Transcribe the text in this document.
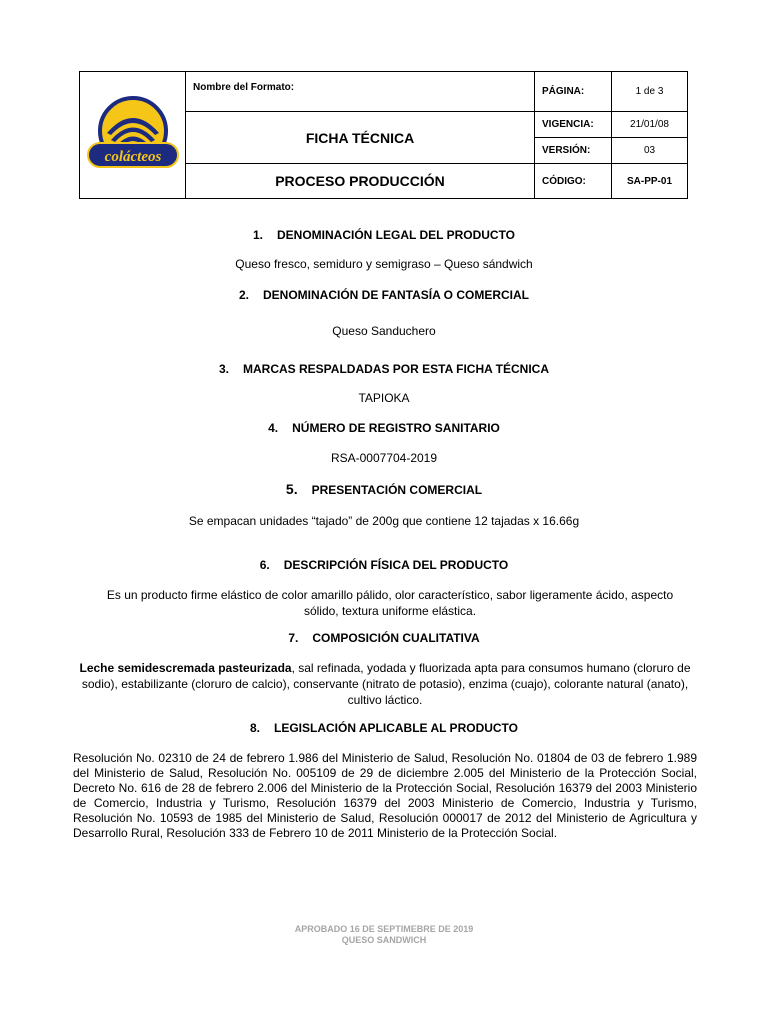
colácteos	Nombre del Formato:	PÁGINA:	1 de 3
	FICHA TÉCNICA	VIGENCIA:	21/01/08
		VERSIÓN:	03
	PROCESO PRODUCCIÓN	CÓDIGO:	SA-PP-01
1. DENOMINACIÓN LEGAL DEL PRODUCTO
Queso fresco, semiduro y semigraso – Queso sándwich
2. DENOMINACIÓN DE FANTASÍA O COMERCIAL
Queso Sanduchero
3. MARCAS RESPALDADAS POR ESTA FICHA TÉCNICA
TAPIOKA
4. NÚMERO DE REGISTRO SANITARIO
RSA-0007704-2019
5. PRESENTACIÓN COMERCIAL
Se empacan unidades “tajado” de 200g que contiene 12 tajadas x 16.66g
6. DESCRIPCIÓN FÍSICA DEL PRODUCTO
Es un producto firme elástico de color amarillo pálido, olor característico, sabor ligeramente ácido, aspecto sólido, textura uniforme elástica.
7. COMPOSICIÓN CUALITATIVA
Leche semidescremada pasteurizada, sal refinada, yodada y fluorizada apta para consumos humano (cloruro de sodio), estabilizante (cloruro de calcio), conservante (nitrato de potasio), enzima (cuajo), colorante natural (anato), cultivo láctico.
8. LEGISLACIÓN APLICABLE AL PRODUCTO
Resolución No. 02310 de 24 de febrero 1.986 del Ministerio de Salud, Resolución No. 01804 de 03 de febrero 1.989 del Ministerio de Salud, Resolución No. 005109 de 29 de diciembre 2.005 del Ministerio de la Protección Social, Decreto No. 616 de 28 de febrero 2.006 del Ministerio de la Protección Social, Resolución 16379 del 2003 Ministerio de Comercio, Industria y Turismo, Resolución 16379 del 2003 Ministerio de Comercio, Industria y Turismo, Resolución No. 10593 de 1985 del Ministerio de Salud, Resolución 000017 de 2012 del Ministerio de Agricultura y Desarrollo Rural, Resolución 333 de Febrero 10 de 2011 Ministerio de la Protección Social.
APROBADO 16 DE SEPTIMEBRE DE 2019
QUESO SANDWICH
